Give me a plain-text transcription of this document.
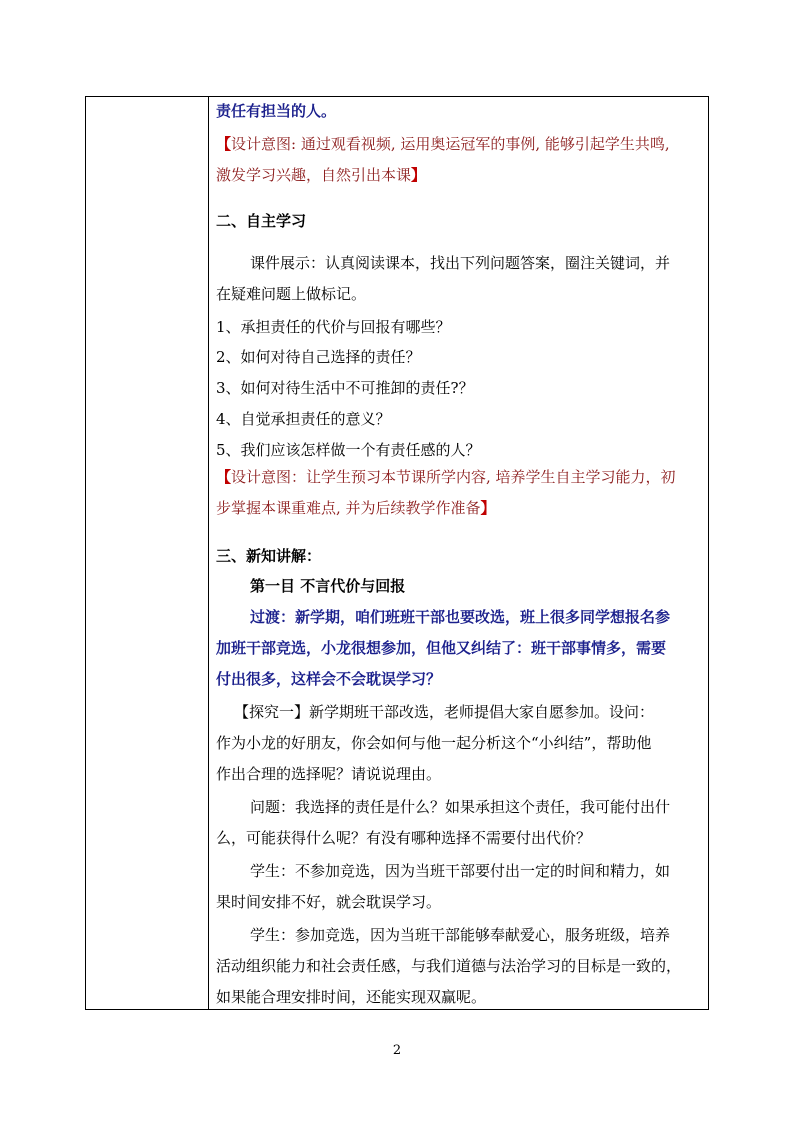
责任有担当的人。
【设计意图: 通过观看视频, 运用奥运冠军的事例, 能够引起学生共鸣,
激发学习兴趣，自然引出本课】
二、自主学习
课件展示：认真阅读课本，找出下列问题答案，圈注关键词，并
在疑难问题上做标记。
1、承担责任的代价与回报有哪些？
2、如何对待自己选择的责任？
3、如何对待生活中不可推卸的责任?？
4、自觉承担责任的意义？
5、我们应该怎样做一个有责任感的人？
【设计意图：让学生预习本节课所学内容, 培养学生自主学习能力，初
步掌握本课重难点, 并为后续教学作准备】
三、新知讲解：
第一目 不言代价与回报
过渡：新学期，咱们班班干部也要改选，班上很多同学想报名参
加班干部竞选，小龙很想参加，但他又纠结了：班干部事情多，需要
付出很多，这样会不会耽误学习？
【探究一】新学期班干部改选，老师提倡大家自愿参加。设问：
作为小龙的好朋友，你会如何与他一起分析这个“小纠结”，帮助他
作出合理的选择呢？请说说理由。
问题：我选择的责任是什么？如果承担这个责任，我可能付出什
么，可能获得什么呢？有没有哪种选择不需要付出代价？
学生：不参加竞选，因为当班干部要付出一定的时间和精力，如
果时间安排不好，就会耽误学习。
学生：参加竞选，因为当班干部能够奉献爱心，服务班级，培养
活动组织能力和社会责任感，与我们道德与法治学习的目标是一致的，
如果能合理安排时间，还能实现双赢呢。
2
